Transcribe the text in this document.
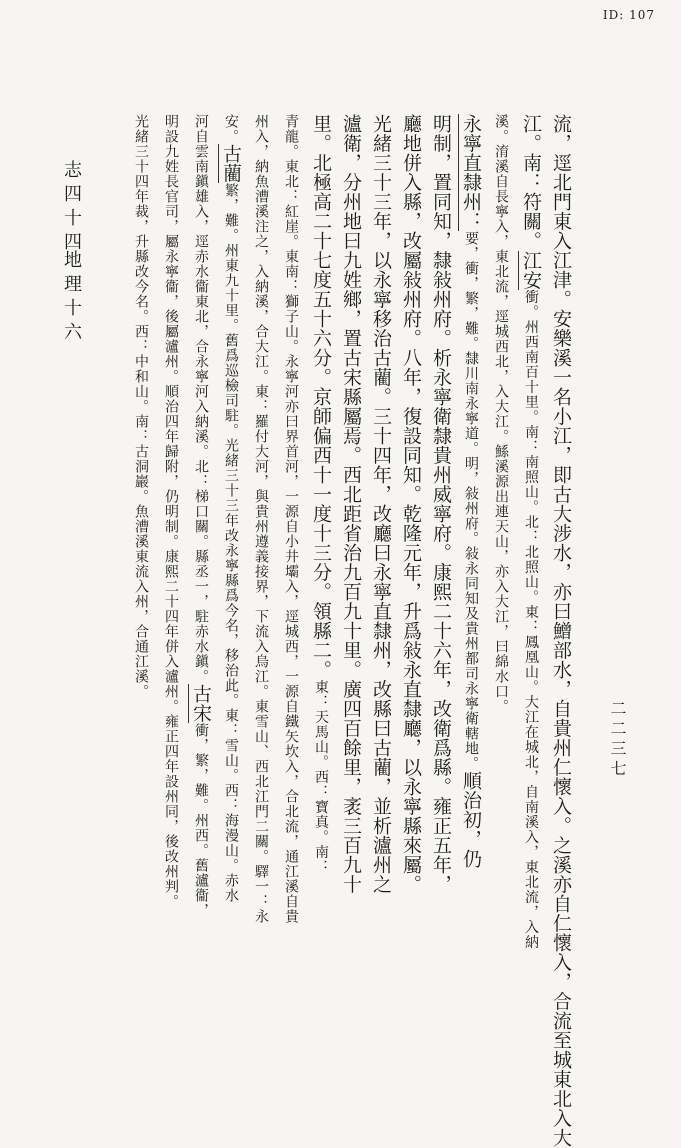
ID: 107
流，逕北門東入江津。安樂溪一名小江，即古大涉水，亦曰鱛部水，自貴州仁懷入。之溪亦自仁懷入，合流至城東北入大
江。南：符關。江安衝。州西南百十里。南：南照山。北：北照山。東：鳳凰山。大江在城北，自南溪入，東北流，入納
溪。淯溪自長寧入，東北流，逕城西北，入大江。鯀溪源出連天山，亦入大江，曰綿水口。
永寧直隸州：要，衝，繁，難。隸川南永寧道。明，敍州府。敍永同知及貴州都司永寧衛轄地。順治初，仍
明制，置同知，隸敍州府。析永寧衛隸貴州威寧府。康熙二十六年，改衛爲縣。雍正五年，
廳地併入縣，改屬敍州府。八年，復設同知。乾隆元年，升爲敍永直隸廳，以永寧縣來屬。
光緒三十三年，以永寧移治古藺。三十四年，改廳曰永寧直隸州，改縣曰古藺，並析瀘州之
瀘衛，分州地曰九姓鄉，置古宋縣屬焉。西北距省治九百九十里。廣四百餘里，袤三百九十
里。北極高二十七度五十六分。京師偏西十一度十三分。領縣二。東：天馬山。西：寶真。南：
青龍。東北：紅崖。東南：獅子山。永寧河亦曰界首河，一源自小井壩入，逕城西，一源自鐵矢坎入，合北流，通江溪自貴
州入，納魚漕溪注之，入納溪，合大江。東：羅付大河，與貴州遵義接界，下流入烏江。東雪山、西北江門二關。驛一：永
安。古藺繁，難。州東九十里。舊爲巡檢司駐。光緒三十三年改永寧縣爲今名，移治此。東：雪山。西：海漫山。赤水
河自雲南鎭雄入，逕赤水衞東北，合永寧河入納溪。北：梯口關。縣丞一，駐赤水鎭。古宋衝，繁，難。州西。舊瀘衞，
明設九姓長官司，屬永寧衞，後屬瀘州。順治四年歸附，仍明制。康熙二十四年併入瀘州。雍正四年設州同，後改州判。
光緒三十四年裁，升縣改今名。西：中和山。南：古洞巖。魚漕溪東流入州，合通江溪。
志四十四
地理十六
二二三七
